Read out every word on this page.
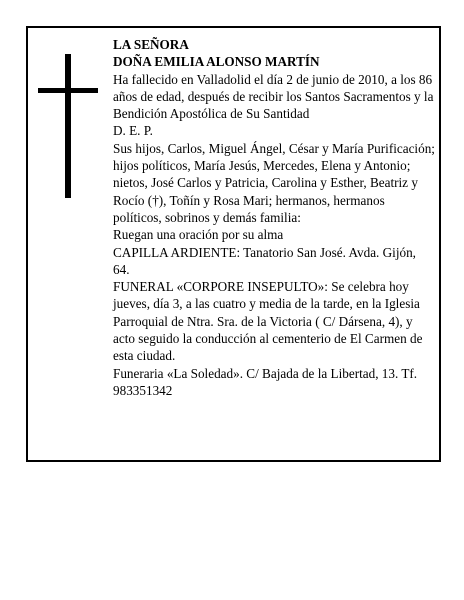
LA SEÑORA

DOÑA EMILIA ALONSO MARTÍN

Ha fallecido en Valladolid el día 2 de junio de 2010, a los 86 años de edad, después de recibir los Santos Sacramentos y la Bendición Apostólica de Su Santidad

D. E. P.

Sus hijos, Carlos, Miguel Ángel, César y María Purificación; hijos políticos, María Jesús, Mercedes, Elena y Antonio; nietos, José Carlos y Patricia, Carolina y Esther, Beatriz y Rocío (†), Toñín y Rosa Mari; hermanos, hermanos políticos, sobrinos y demás familia:

Ruegan una oración por su alma

CAPILLA ARDIENTE: Tanatorio San José. Avda. Gijón, 64.

FUNERAL «CORPORE INSEPULTO»: Se celebra hoy jueves, día 3, a las cuatro y media de la tarde, en la Iglesia Parroquial de Ntra. Sra. de la Victoria ( C/ Dársena, 4), y acto seguido la conducción al cementerio de El Carmen de esta ciudad.

Funeraria «La Soledad». C/ Bajada de la Libertad, 13. Tf. 983351342
